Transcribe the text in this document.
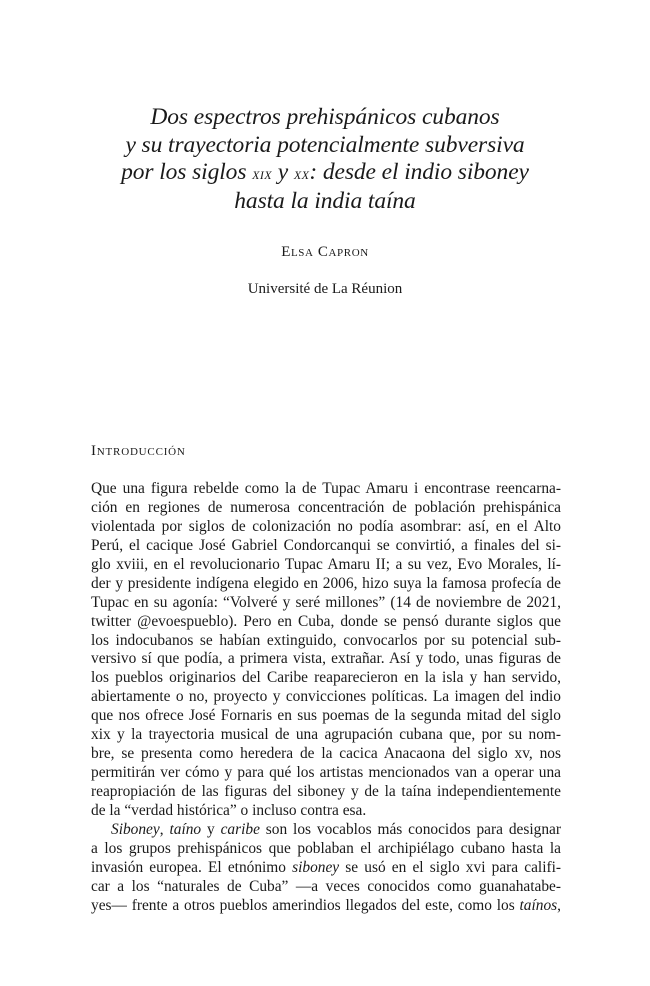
Dos espectros prehispánicos cubanos
y su trayectoria potencialmente subversiva
por los siglos xix y xx: desde el indio siboney
hasta la india taína
Elsa Capron
Université de La Réunion
Introducción
Que una figura rebelde como la de Tupac Amaru i encontrase reencarna-
ción en regiones de numerosa concentración de población prehispánica
violentada por siglos de colonización no podía asombrar: así, en el Alto
Perú, el cacique José Gabriel Condorcanqui se convirtió, a finales del si-
glo xviii, en el revolucionario Tupac Amaru II; a su vez, Evo Morales, lí-
der y presidente indígena elegido en 2006, hizo suya la famosa profecía de
Tupac en su agonía: “Volveré y seré millones” (14 de noviembre de 2021,
twitter @evoespueblo). Pero en Cuba, donde se pensó durante siglos que
los indocubanos se habían extinguido, convocarlos por su potencial sub-
versivo sí que podía, a primera vista, extrañar. Así y todo, unas figuras de
los pueblos originarios del Caribe reaparecieron en la isla y han servido,
abiertamente o no, proyecto y convicciones políticas. La imagen del indio
que nos ofrece José Fornaris en sus poemas de la segunda mitad del siglo
xix y la trayectoria musical de una agrupación cubana que, por su nom-
bre, se presenta como heredera de la cacica Anacaona del siglo xv, nos
permitirán ver cómo y para qué los artistas mencionados van a operar una
reapropiación de las figuras del siboney y de la taína independientemente
de la “verdad histórica” o incluso contra esa.
Siboney, taíno y caribe son los vocablos más conocidos para designar
a los grupos prehispánicos que poblaban el archipiélago cubano hasta la
invasión europea. El etnónimo siboney se usó en el siglo xvi para califi-
car a los “naturales de Cuba” —a veces conocidos como guanahatabe-
yes— frente a otros pueblos amerindios llegados del este, como los taínos,
